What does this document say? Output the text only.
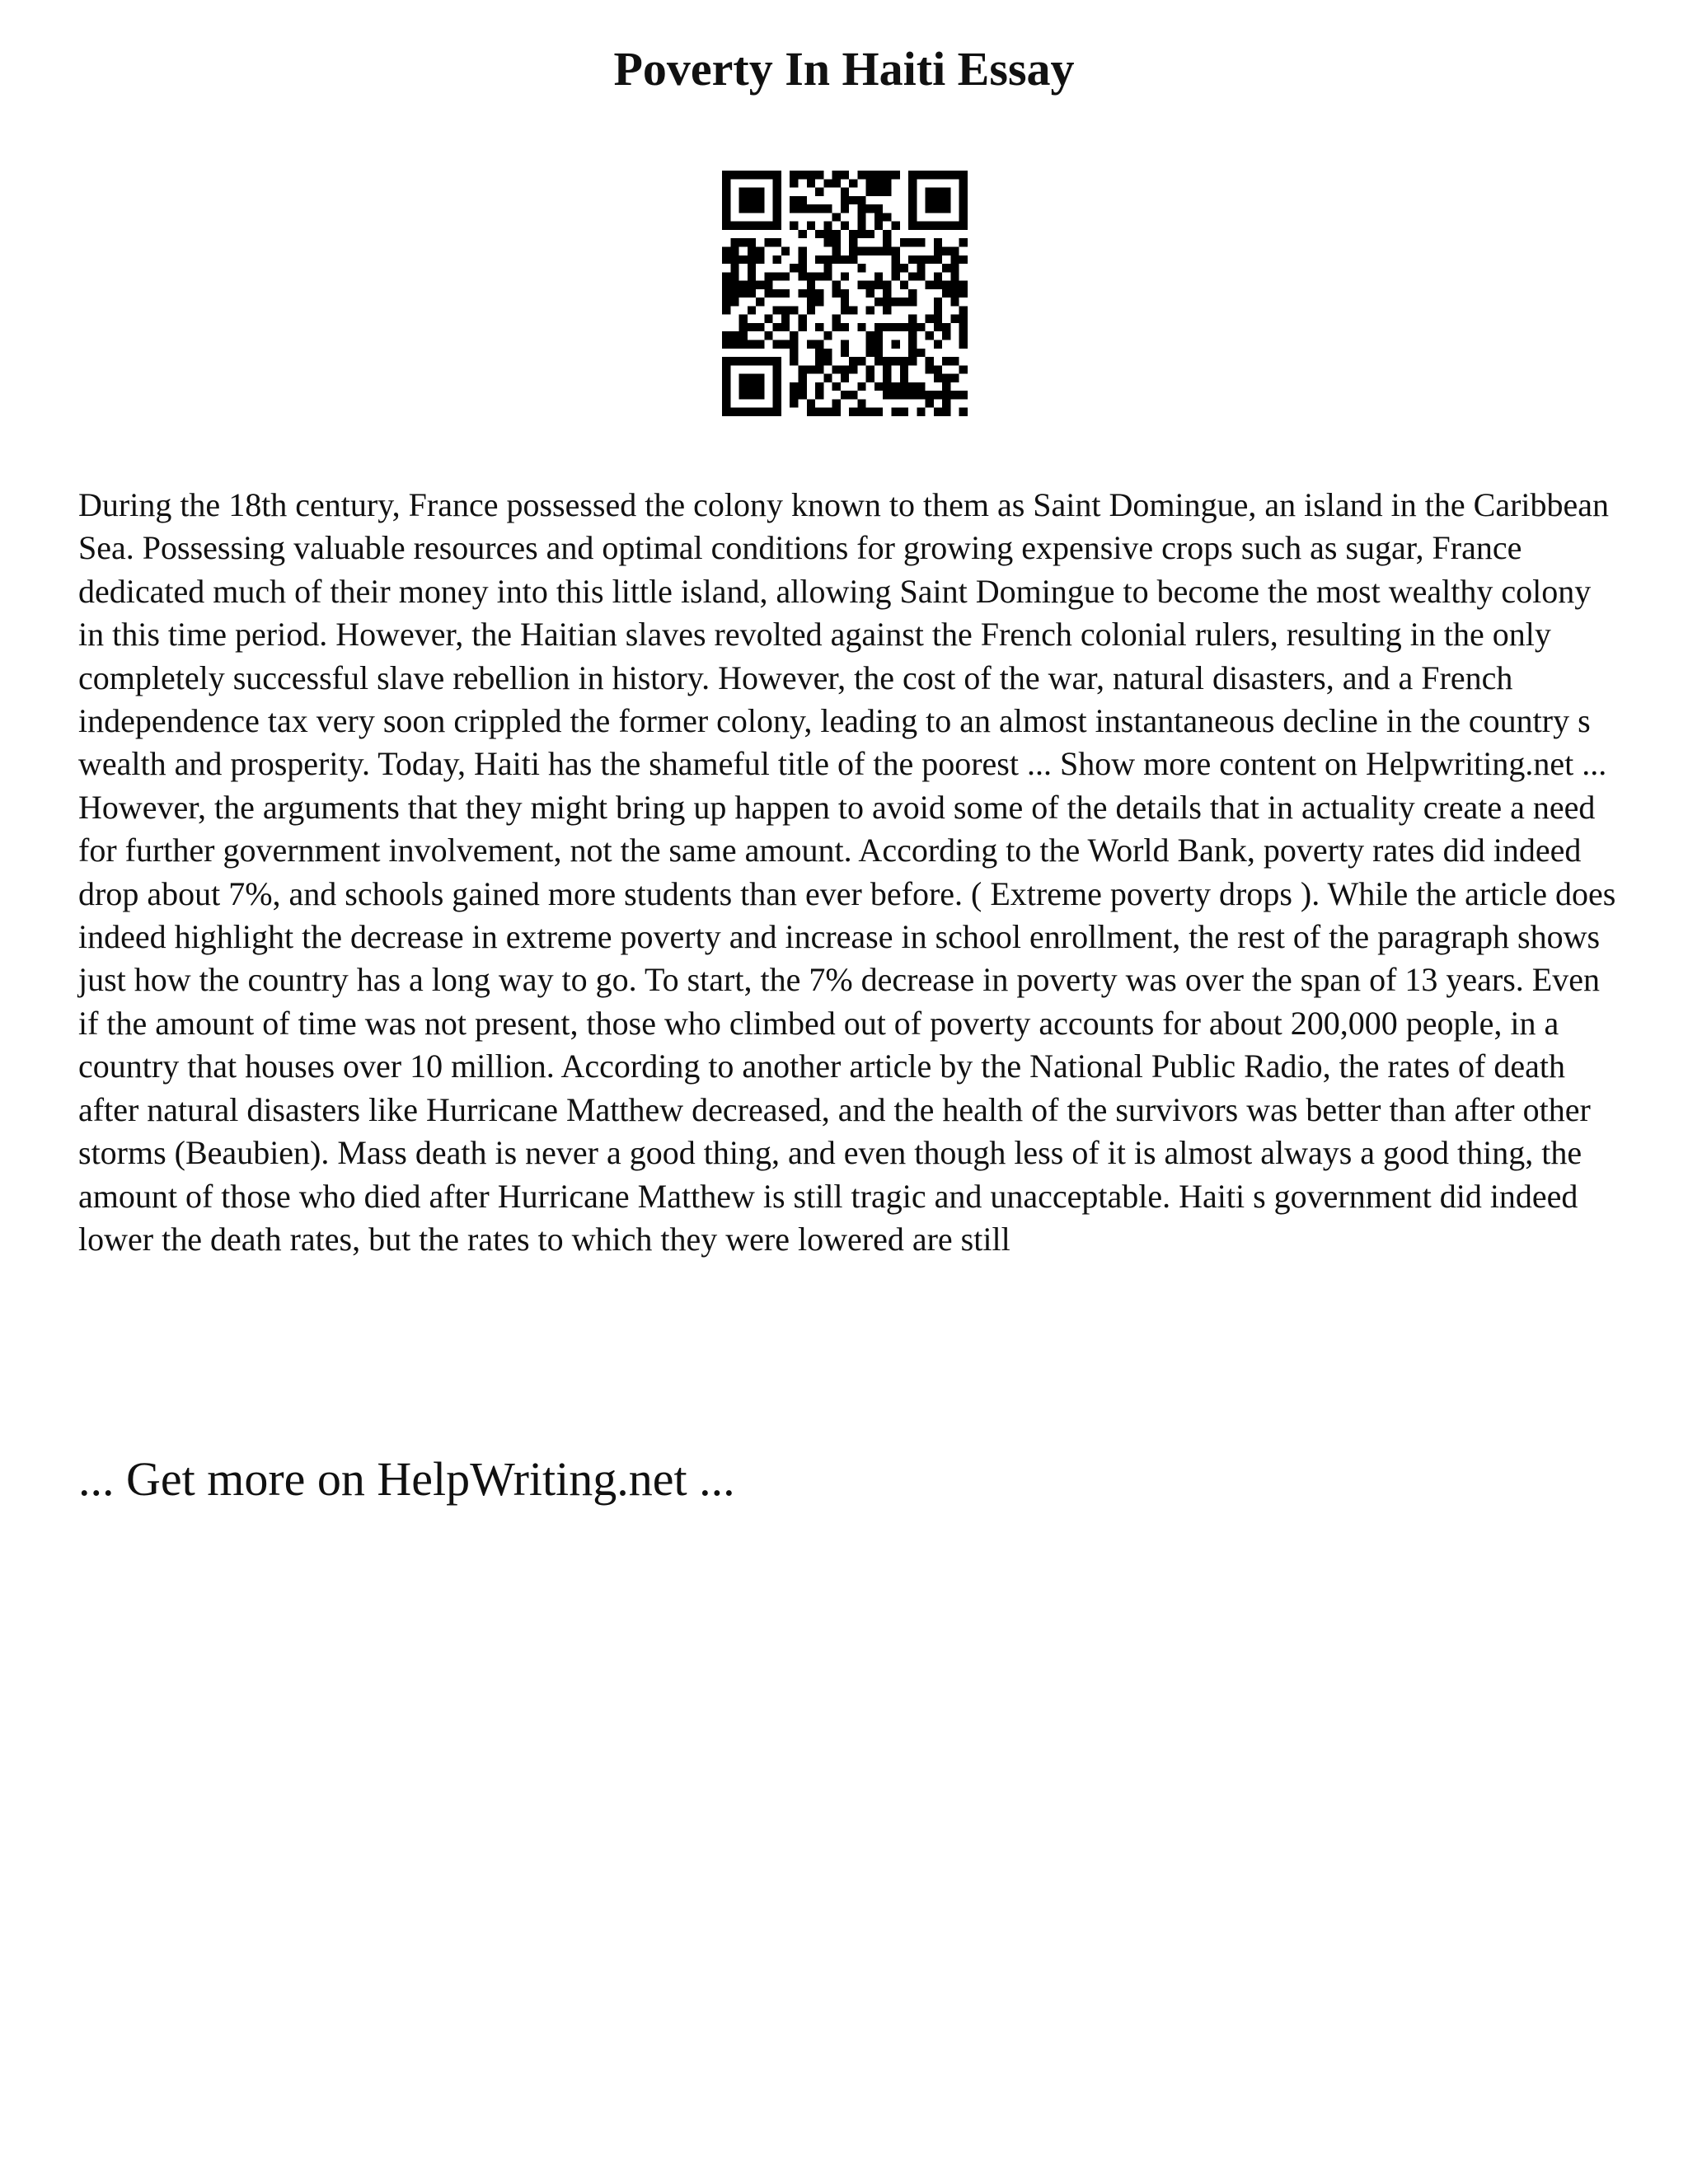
Poverty In Haiti Essay

During the 18th century, France possessed the colony known to them as Saint Domingue, an island in the Caribbean Sea. Possessing valuable resources and optimal conditions for growing expensive crops such as sugar, France dedicated much of their money into this little island, allowing Saint Domingue to become the most wealthy colony in this time period. However, the Haitian slaves revolted against the French colonial rulers, resulting in the only completely successful slave rebellion in history. However, the cost of the war, natural disasters, and a French independence tax very soon crippled the former colony, leading to an almost instantaneous decline in the country s wealth and prosperity. Today, Haiti has the shameful title of the poorest ... Show more content on Helpwriting.net ... However, the arguments that they might bring up happen to avoid some of the details that in actuality create a need for further government involvement, not the same amount. According to the World Bank, poverty rates did indeed drop about 7%, and schools gained more students than ever before. ( Extreme poverty drops ). While the article does indeed highlight the decrease in extreme poverty and increase in school enrollment, the rest of the paragraph shows just how the country has a long way to go. To start, the 7% decrease in poverty was over the span of 13 years. Even if the amount of time was not present, those who climbed out of poverty accounts for about 200,000 people, in a country that houses over 10 million. According to another article by the National Public Radio, the rates of death after natural disasters like Hurricane Matthew decreased, and the health of the survivors was better than after other storms (Beaubien). Mass death is never a good thing, and even though less of it is almost always a good thing, the amount of those who died after Hurricane Matthew is still tragic and unacceptable. Haiti s government did indeed lower the death rates, but the rates to which they were lowered are still

... Get more on HelpWriting.net ...
